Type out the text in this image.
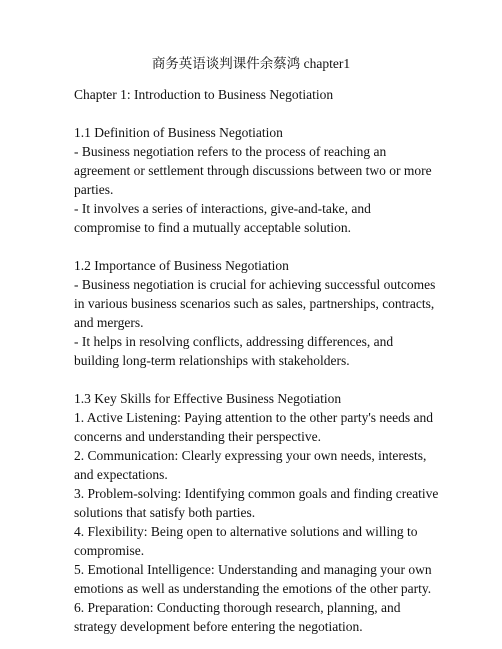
商务英语谈判课件余蔡鸿 chapter1
Chapter 1: Introduction to Business Negotiation
1.1 Definition of Business Negotiation
- Business negotiation refers to the process of reaching an
agreement or settlement through discussions between two or more
parties.
- It involves a series of interactions, give-and-take, and
compromise to find a mutually acceptable solution.
1.2 Importance of Business Negotiation
- Business negotiation is crucial for achieving successful outcomes
in various business scenarios such as sales, partnerships, contracts,
and mergers.
- It helps in resolving conflicts, addressing differences, and
building long-term relationships with stakeholders.
1.3 Key Skills for Effective Business Negotiation
1. Active Listening: Paying attention to the other party's needs and
concerns and understanding their perspective.
2. Communication: Clearly expressing your own needs, interests,
and expectations.
3. Problem-solving: Identifying common goals and finding creative
solutions that satisfy both parties.
4. Flexibility: Being open to alternative solutions and willing to
compromise.
5. Emotional Intelligence: Understanding and managing your own
emotions as well as understanding the emotions of the other party.
6. Preparation: Conducting thorough research, planning, and
strategy development before entering the negotiation.
